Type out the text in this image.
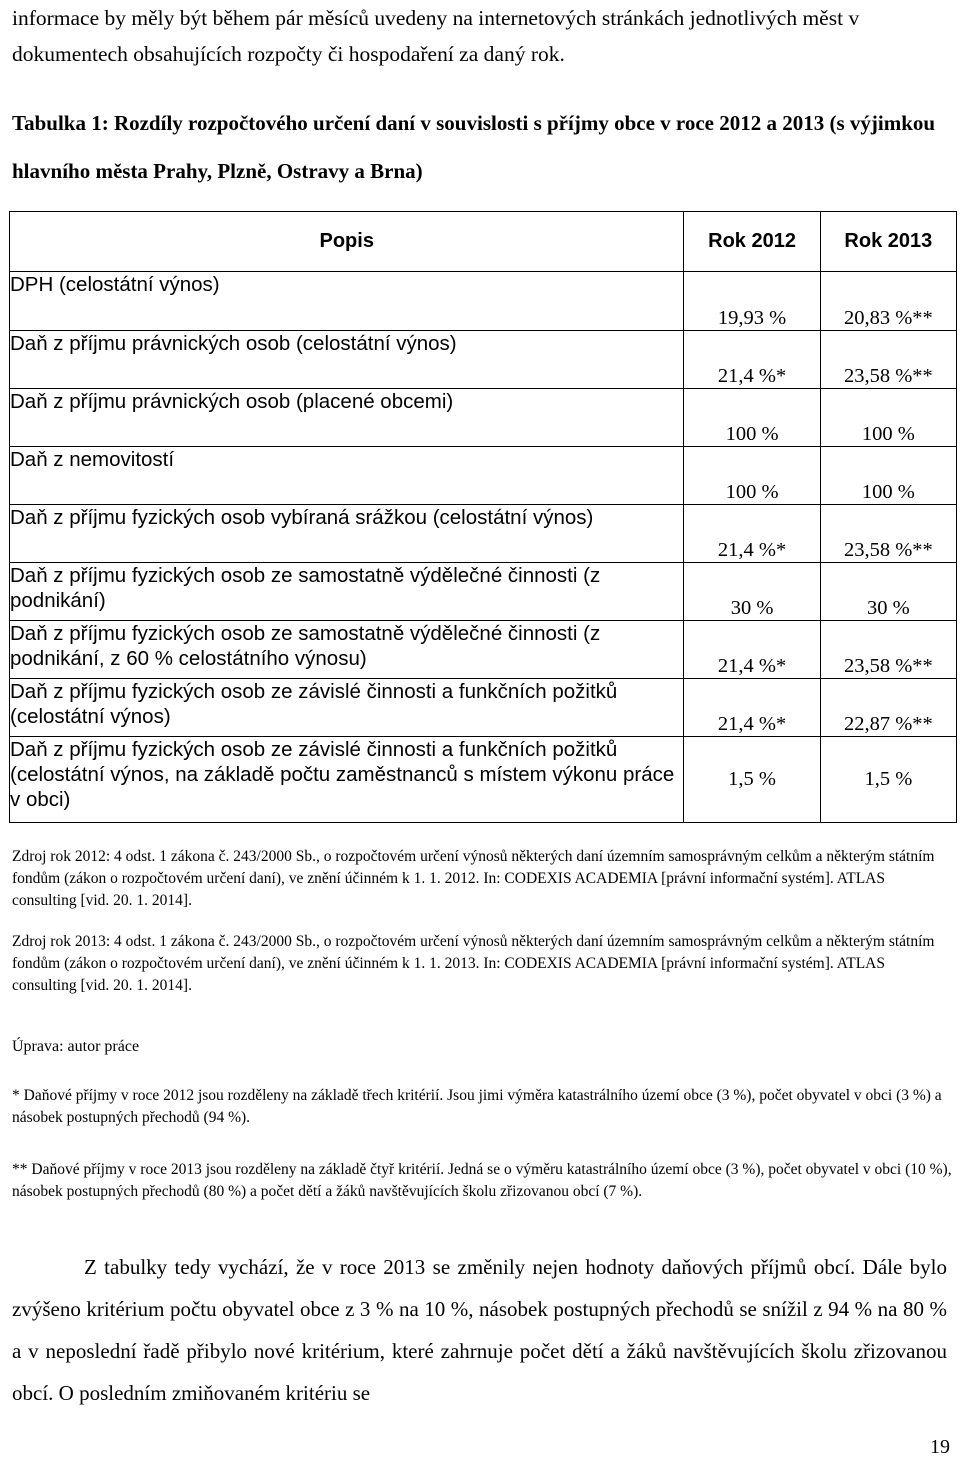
informace by měly být během pár měsíců uvedeny na internetových stránkách jednotlivých měst v dokumentech obsahujících rozpočty či hospodaření za daný rok.
Tabulka 1: Rozdíly rozpočtového určení daní v souvislosti s příjmy obce v roce 2012 a 2013 (s výjimkou hlavního města Prahy, Plzně, Ostravy a Brna)
Popis	Rok 2012	Rok 2013
DPH (celostátní výnos)	19,93 %	20,83 %**
Daň z příjmu právnických osob (celostátní výnos)	21,4 %*	23,58 %**
Daň z příjmu právnických osob (placené obcemi)	100 %	100 %
Daň z nemovitostí	100 %	100 %
Daň z příjmu fyzických osob vybíraná srážkou (celostátní výnos)	21,4 %*	23,58 %**
Daň z příjmu fyzických osob ze samostatně výdělečné činnosti (z podnikání)	30 %	30 %
Daň z příjmu fyzických osob ze samostatně výdělečné činnosti (z podnikání, z 60 % celostátního výnosu)	21,4 %*	23,58 %**
Daň z příjmu fyzických osob ze závislé činnosti a funkčních požitků (celostátní výnos)	21,4 %*	22,87 %**
Daň z příjmu fyzických osob ze závislé činnosti a funkčních požitků (celostátní výnos, na základě počtu zaměstnanců s místem výkonu práce v obci)	1,5 %	1,5 %

Zdroj rok 2012: 4 odst. 1 zákona č. 243/2000 Sb., o rozpočtovém určení výnosů některých daní územním samosprávným celkům a některým státním fondům (zákon o rozpočtovém určení daní), ve znění účinném k 1. 1. 2012. In: CODEXIS ACADEMIA [právní informační systém]. ATLAS consulting [vid. 20. 1. 2014].

Zdroj rok 2013: 4 odst. 1 zákona č. 243/2000 Sb., o rozpočtovém určení výnosů některých daní územním samosprávným celkům a některým státním fondům (zákon o rozpočtovém určení daní), ve znění účinném k 1. 1. 2013. In: CODEXIS ACADEMIA [právní informační systém]. ATLAS consulting [vid. 20. 1. 2014].

Úprava: autor práce
* Daňové příjmy v roce 2012 jsou rozděleny na základě třech kritérií. Jsou jimi výměra katastrálního území obce (3 %), počet obyvatel v obci (3 %) a násobek postupných přechodů (94 %).
** Daňové příjmy v roce 2013 jsou rozděleny na základě čtyř kritérií. Jedná se o výměru katastrálního území obce (3 %), počet obyvatel v obci (10 %), násobek postupných přechodů (80 %) a počet dětí a žáků navštěvujících školu zřizovanou obcí (7 %).
Z tabulky tedy vychází, že v roce 2013 se změnily nejen hodnoty daňových příjmů obcí. Dále bylo zvýšeno kritérium počtu obyvatel obce z 3 % na 10 %, násobek postupných přechodů se snížil z 94 % na 80 % a v neposlední řadě přibylo nové kritérium, které zahrnuje počet dětí a žáků navštěvujících školu zřizovanou obcí. O posledním zmiňovaném kritériu se
19
